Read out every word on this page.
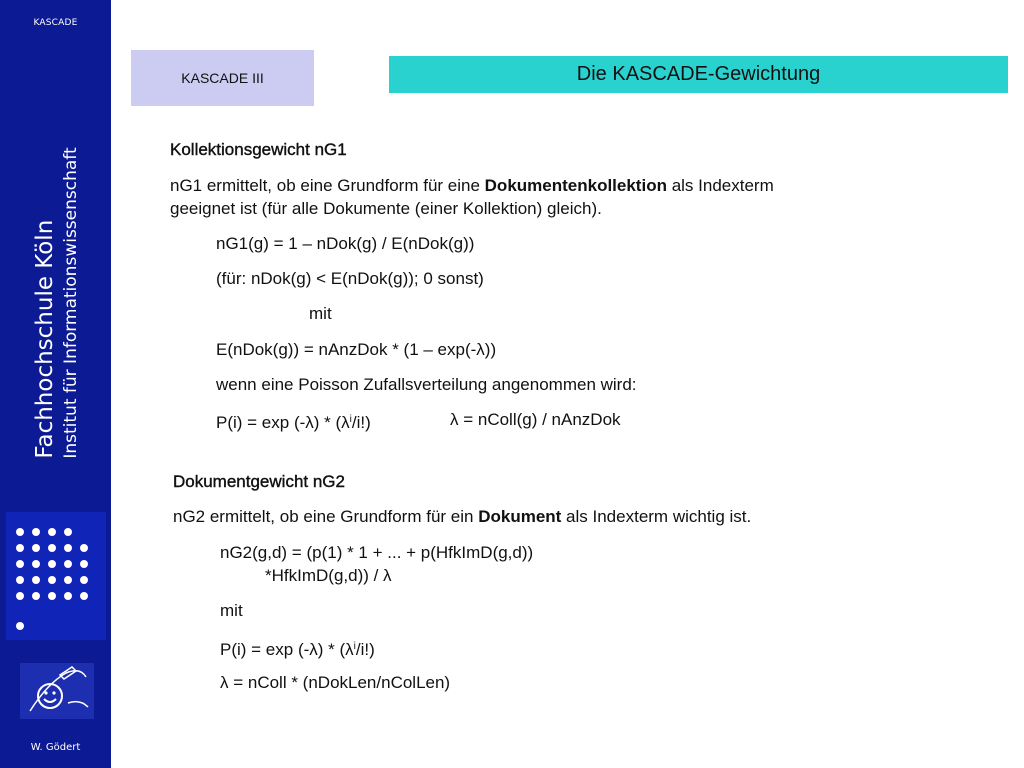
KASCADE
Fachhochschule Köln Institut für Informationswissenschaft
W. Gödert
KASCADE III	Die KASCADE-Gewichtung
Kollektionsgewicht nG1
nG1 ermittelt, ob eine Grundform für eine Dokumentenkollektion als Indexterm
geeignet ist (für alle Dokumente (einer Kollektion) gleich).
nG1(g) = 1 – nDok(g) / E(nDok(g))
(für: nDok(g) < E(nDok(g)); 0 sonst)
mit
E(nDok(g)) = nAnzDok * (1 – exp(-λ))
wenn eine Poisson Zufallsverteilung angenommen wird:
$P(i) = \exp (-\lambda) * (\lambda^i/i!)$	λ = nColl(g) / nAnzDok
Dokumentgewicht nG2
nG2 ermittelt, ob eine Grundform für ein Dokument als Indexterm wichtig ist.
nG2(g,d) = (p(1) * 1 + ... + p(HfkImD(g,d))
*HfkImD(g,d)) / λ
mit
$P(i) = \exp (-\lambda) * (\lambda^i/i!)$
λ = nColl * (nDokLen/nColLen)
